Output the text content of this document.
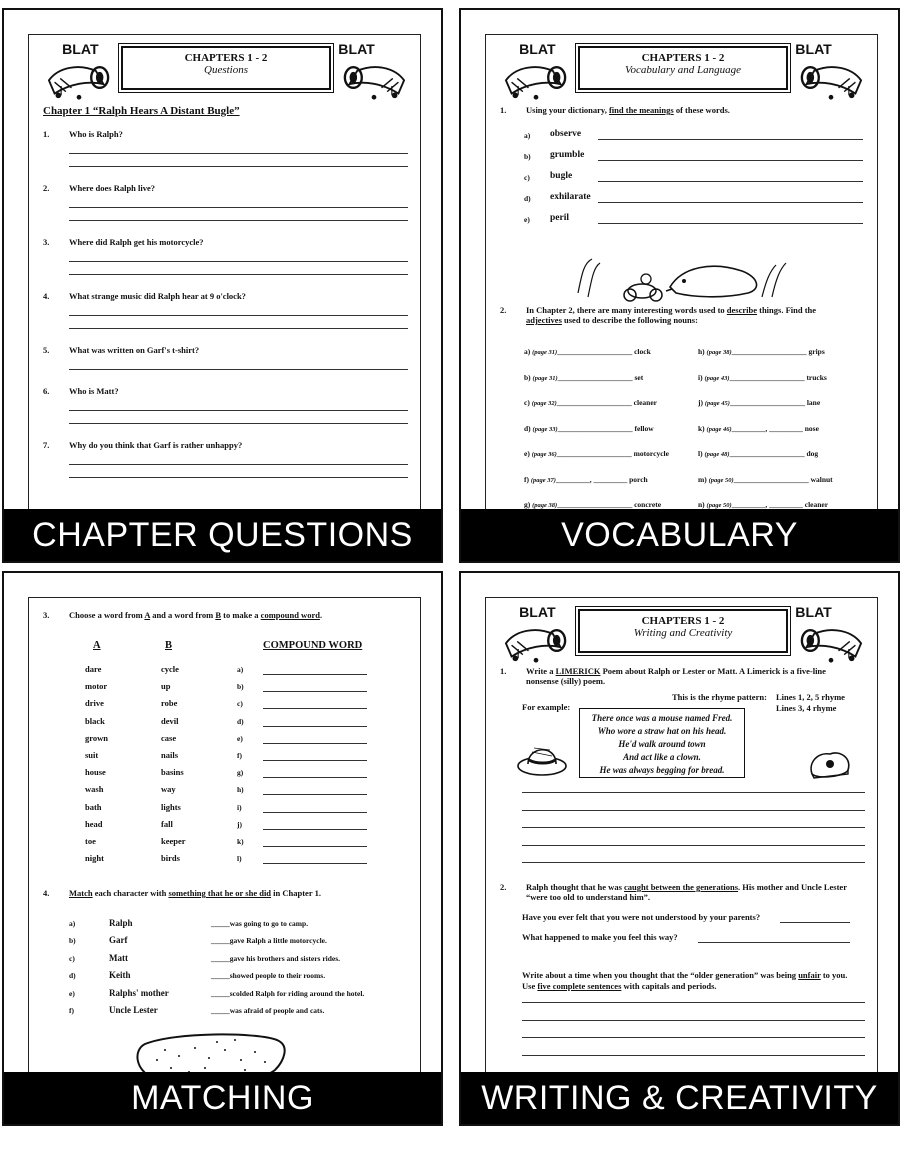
BLAT
CHAPTERS 1 - 2
Questions
BLAT
Chapter 1 “Ralph Hears A Distant Bugle”
1. Who is Ralph?
2. Where does Ralph live?
3. Where did Ralph get his motorcycle?
4. What strange music did Ralph hear at 9 o'clock?
5. What was written on Garf's t-shirt?
6. Who is Matt?
7. Why do you think that Garf is rather unhappy?
CHAPTER QUESTIONS
BLAT
CHAPTERS 1 - 2
Vocabulary and Language
BLAT
1. Using your dictionary, find the meanings of these words.
a) observe
b) grumble
c) bugle
d) exhilarate
e) peril
2. In Chapter 2, there are many interesting words used to describe things. Find the
adjectives used to describe the following nouns:
a) (page 31)____________________ clock
b) (page 31)____________________ set
c) (page 32)____________________ cleaner
d) (page 33)____________________ fellow
e) (page 36)____________________ motorcycle
f) (page 37)_________, _________ porch
g) (page 38)____________________ concrete
h) (page 38)____________________ grips
i) (page 43)____________________ trucks
j) (page 45)____________________ lane
k) (page 46)_________, _________ nose
l) (page 48)____________________ dog
m) (page 50)____________________ walnut
n) (page 50)_________, _________ cleaner
VOCABULARY
3. Choose a word from A and a word from B to make a compound word.
A	B	COMPOUND WORD
dare	cycle	a)
motor	up	b)
drive	robe	c)
black	devil	d)
grown	case	e)
suit	nails	f)
house	basins	g)
wash	way	h)
bath	lights	i)
head	fall	j)
toe	keeper	k)
night	birds	l)
4. Match each character with something that he or she did in Chapter 1.
a)	Ralph	_____was going to go to camp.
b)	Garf	_____gave Ralph a little motorcycle.
c)	Matt	_____gave his brothers and sisters rides.
d)	Keith	_____showed people to their rooms.
e)	Ralphs' mother	_____scolded Ralph for riding around the hotel.
f)	Uncle Lester	_____was afraid of people and cats.
MATCHING
BLAT
CHAPTERS 1 - 2
Writing and Creativity
BLAT
1. Write a LIMERICK Poem about Ralph or Lester or Matt. A Limerick is a five-line
nonsense (silly) poem.
This is the rhyme pattern: Lines 1, 2, 5 rhyme
Lines 3, 4 rhyme
For example:
There once was a mouse named Fred.
Who wore a straw hat on his head.
He'd walk around town
And act like a clown.
He was always begging for bread.
2. Ralph thought that he was caught between the generations. His mother and Uncle Lester
“were too old to understand him”.
Have you ever felt that you were not understood by your parents?
What happened to make you feel this way?
Write about a time when you thought that the “older generation” was being unfair to you.
Use five complete sentences with capitals and periods.
WRITING & CREATIVITY
